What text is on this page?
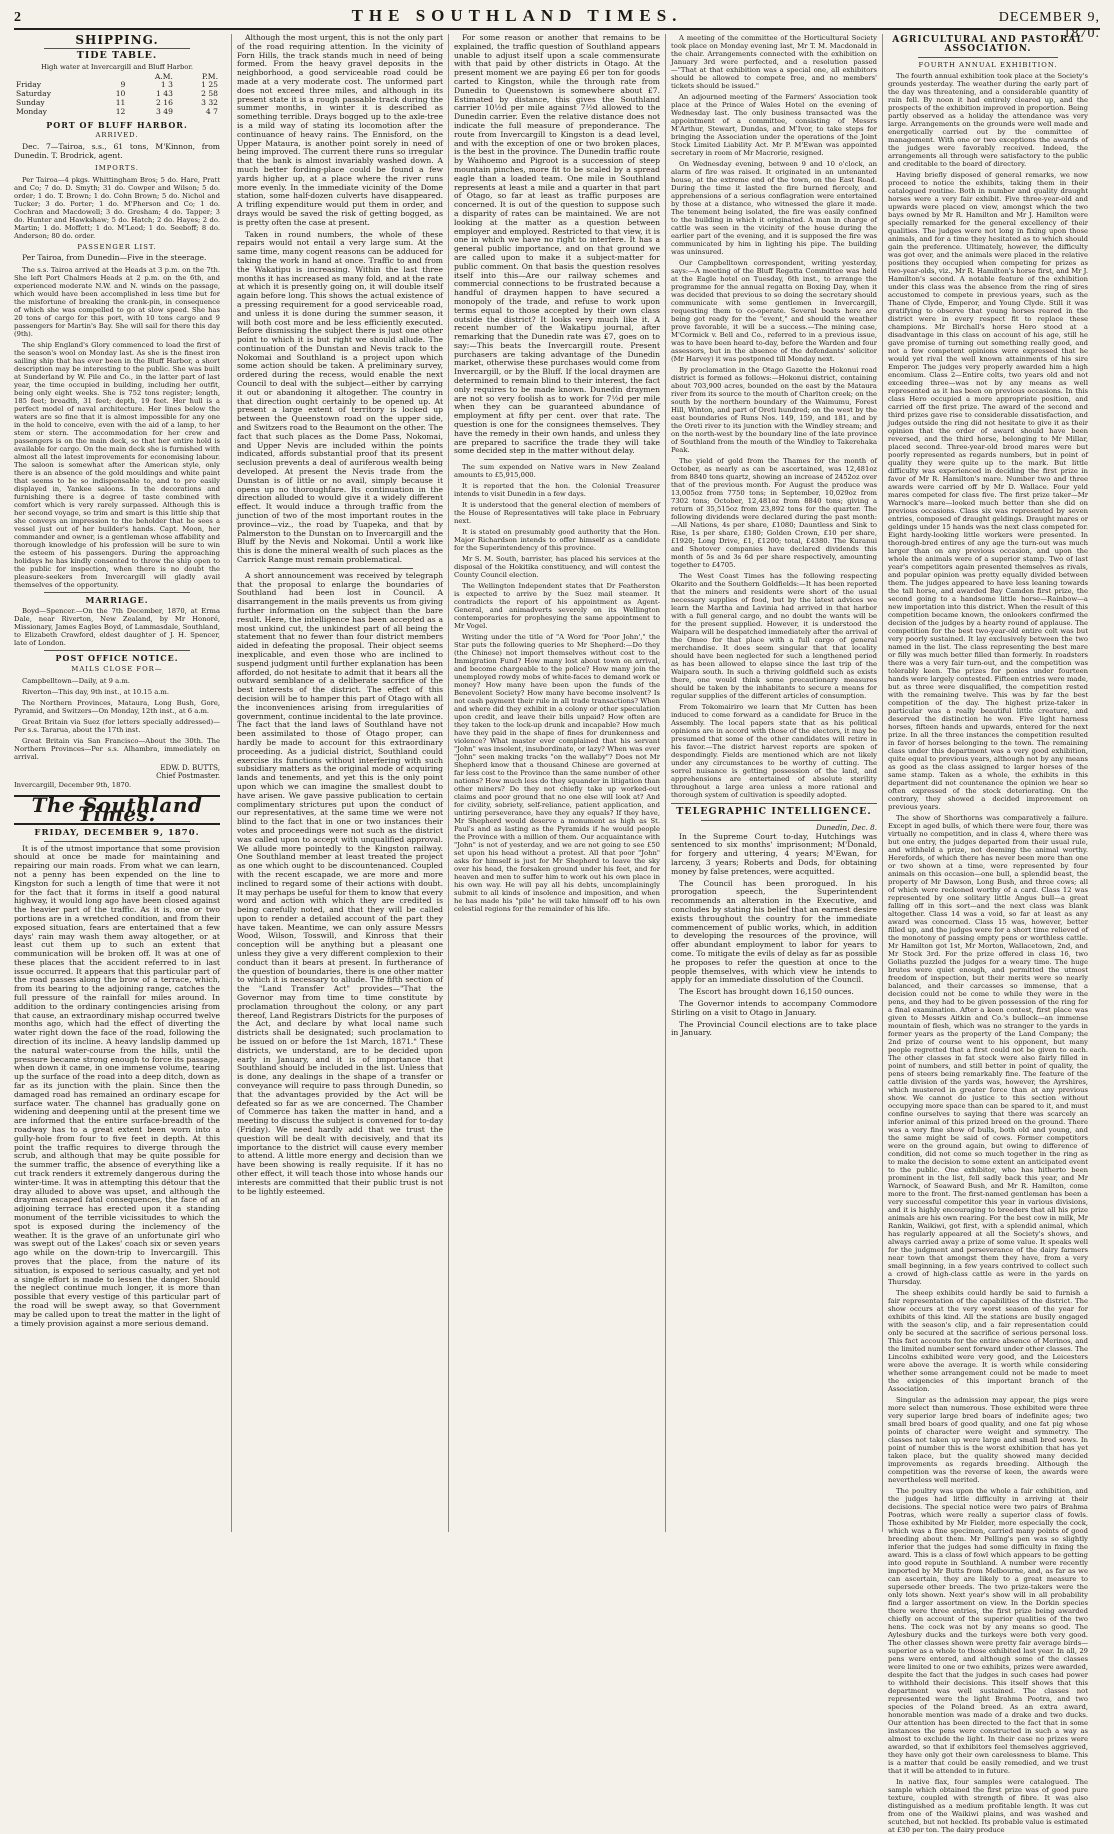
2	THE SOUTHLAND TIMES.	DECEMBER 9, 1870.
SHIPPING.
TIDE TABLE.
High water at Invercargill and Bluff Harbor.
		A.M.	P.M.
Friday	9	1 3	1 25
Saturday	10	1 43	2 58
Sunday	11	2 16	3 32
Monday	12	3 49	4 7
PORT OF BLUFF HARBOR.
ARRIVED.

Dec. 7—Tairoa, s.s., 61 tons, M'Kinnon, from Dunedin. T. Brodrick, agent.

IMPORTS.

Per Tairoa—4 pkgs. Whittingham Bros; 5 do. Hare, Pratt and Co; 7 do. D. Smyth; 31 do. Cowper and Wilson; 5 do. order; 1 do. T. Brown; 1 do. Cohn Brown; 5 do. Nichol and Tucker; 3 do. Porter; 1 do. M'Pherson and Co; 1 do. Cochran and Macdowell; 3 do. Gresham; 4 do. Tapper; 3 do. Hunter and Hawkshaw; 5 do. Hatch; 2 do. Hayes; 2 do. Martin; 1 do. Moffett; 1 do. M'Leod; 1 do. Seeboff; 8 do. Anderson; 80 do. order.

PASSENGER LIST.

Per Tairoa, from Dunedin—Five in the steerage.

The s.s. Tairoa arrived at the Heads at 3 p.m. on the 7th. She left Port Chalmers Heads at 2 p.m. on the 6th, and experienced moderate N.W. and N. winds on the passage, which would have been accomplished in less time but for the misfortune of breaking the crank-pin, in consequence of which she was compelled to go at slow speed. She has 20 tons of cargo for this port, with 10 tons cargo and 9 passengers for Martin's Bay. She will sail for there this day (9th).

The ship England's Glory commenced to load the first of the season's wool on Monday last. As she is the finest iron sailing ship that has ever been in the Bluff Harbor, a short description may be interesting to the public. She was built at Sunderland by W. Pile and Co., in the latter part of last year, the time occupied in building, including her outfit, being only eight weeks. She is 752 tons register; length, 185 feet; breadth, 31 feet; depth, 19 feet. Her hull is a perfect model of naval architecture. Her lines below the waters are so fine that it is almost impossible for any one in the hold to conceive, even with the aid of a lamp, to her stem or stern. The accommodation for her crew and passengers is on the main deck, so that her entire hold is available for cargo. On the main deck she is furnished with almost all the latest improvements for economising labour. The saloon is somewhat after the American style, only there is an absence of the gold mouldings and white paint that seems to be so indispensable to, and to pro easily displayed in, Yankee saloons. In the decorations and furnishing there is a degree of taste combined with comfort which is very rarely surpassed. Although this is her second voyage, so trim and smart is this little ship that she conveys an impression to the beholder that he sees a vessel just out of her builder's hands. Capt. Moon, her commander and owner, is a gentleman whose affability and thorough knowledge of his profession will be sure to win the esteem of his passengers. During the approaching holidays he has kindly consented to throw the ship open to the public for inspection, when there is no doubt the pleasure-seekers from Invercargill will gladly avail themselves of the opportunity.

MARRIAGE.

Boyd—Spencer.—On the 7th December, 1870, at Erma Dale, near Riverton, New Zealand, by Mr Honoré, Missionary, James Eagles Boyd, of Lammasdale, Southland, to Elizabeth Crawford, eldest daughter of J. H. Spencer, late of London.

POST OFFICE NOTICE.
MAILS CLOSE FOR—

Campbelltown—Daily, at 9 a.m.

Riverton—This day, 9th inst., at 10.15 a.m.

The Northern Provinces, Mataura, Long Bush, Gore, Pyramid, and Switzers—On Monday, 12th inst., at 6 a.m.

Great Britain via Suez (for letters specially addressed)—Per s.s. Tararua, about the 17th inst.

Great Britain via San Francisco—About the 30th. The Northern Provinces—Per s.s. Alhambra, immediately on arrival.

EDW. D. BUTTS,
Chief Postmaster.
Invercargill, December 9th, 1870.
The Southland Times.
FRIDAY, DECEMBER 9, 1870.

It is of the utmost importance that some provision should at once be made for maintaining and repairing our main roads. From what we can learn, not a penny has been expended on the line to Kingston for such a length of time that were it not for the fact that it forms in itself a good natural highway, it would long ago have been closed against the heavier part of the traffic. As it is, one or two portions are in a wretched condition, and from their exposed situation, fears are entertained that a few days' rain may wash them away altogether, or at least cut them up to such an extent that communication will be broken off. It was at one of these places that the accident referred to in last issue occurred. It appears that this particular part of the road passes along the brow of a terrace, which, from its bearing to the adjoining range, catches the full pressure of the rainfall for miles around. In addition to the ordinary contingencies arising from that cause, an extraordinary mishap occurred twelve months ago, which had the effect of diverting the water right down the face of the road, following the direction of its incline. A heavy landslip dammed up the natural water-course from the hills, until the pressure became strong enough to force its passage, when down it came, in one immense volume, tearing up the surface of the road into a deep ditch, down as far as its junction with the plain. Since then the damaged road has remained an ordinary escape for surface water. The channel has gradually gone on widening and deepening until at the present time we are informed that the entire surface-breadth of the roadway has to a great extent been worn into a gully-hole from four to five feet in depth. At this point the traffic requires to diverge through the scrub, and although that may be quite possible for the summer traffic, the absence of everything like a cut track renders it extremely dangerous during the winter-time. It was in attempting this détour that the dray alluded to above was upset, and although the drayman escaped fatal consequences, the face of an adjoining terrace has erected upon it a standing monument of the terrible vicissitudes to which the spot is exposed during the inclemency of the weather. It is the grave of an unfortunate girl who was swept out of the Lakes' coach six or seven years ago while on the down-trip to Invercargill. This proves that the place, from the nature of its situation, is exposed to serious casualty, and yet not a single effort is made to lessen the danger. Should the neglect continue much longer, it is more than possible that every vestige of this particular part of the road will be swept away, so that Government may be called upon to treat the matter in the light of a timely provision against a more serious demand.

Although the most urgent, this is not the only part of the road requiring attention. In the vicinity of Forn Hills, the track stands much in need of being formed. From the heavy gravel deposits in the neighborhood, a good serviceable road could be made at a very moderate cost. The unformed part does not exceed three miles, and although in its present state it is a rough passable track during the summer months, in winter it is described as something terrible. Drays bogged up to the axle-tree is a mild way of stating its locomotion after the continuance of heavy rains. The Ennisford, on the Upper Mataura, is another point sorely in need of being improved. The current there runs so irregular that the bank is almost invariably washed down. A much better fording-place could be found a few yards higher up, at a place where the river runs more evenly. In the immediate vicinity of the Dome station, some half-dozen culverts have disappeared. A trifling expenditure would put them in order, and drays would be saved the risk of getting bogged, as is pretty often the case at present.

Taken in round numbers, the whole of these repairs would not entail a very large sum. At the same time, many cogent reasons can be adduced for taking the work in hand at once. Traffic to and from the Wakatipu is increasing. Within the last three months it has increased as many fold, and at the rate at which it is presently going on, it will double itself again before long. This shows the actual existence of a pressing requirement for a good serviceable road, and unless it is done during the summer season, it will both cost more and be less efficiently executed. Before dismissing the subject there is just one other point to which it is but right we should allude. The continuation of the Dunstan and Nevis track to the Nokomai and Southland is a project upon which some action should be taken. A preliminary survey, ordered during the recess, would enable the next Council to deal with the subject—either by carrying it out or abandoning it altogether. The country in that direction ought certainly to be opened up. At present a large extent of territory is locked up between the Queenstown road on the upper side, and Switzers road to the Beaumont on the other. The fact that such places as the Dome Pass, Nokomai, and Upper Nevis are included within the points indicated, affords substantial proof that its present seclusion prevents a deal of auriferous wealth being developed. At present the Nevis trade from the Dunstan is of little or no avail, simply because it opens up no thoroughfare. Its continuation in the direction alluded to would give it a widely different effect. It would induce a through traffic from the junction of two of the most important routes in the province—viz., the road by Tuapeka, and that by Palmerston to the Dunstan on to Invercargill and the Bluff by the Nevis and Nokomai. Until a work like this is done the mineral wealth of such places as the Carrick Range must remain problematical.

A short announcement was received by telegraph that the proposal to enlarge the boundaries of Southland had been lost in Council. A disarrangement in the mails prevents us from giving further information on the subject than the bare result. Here, the intelligence has been accepted as a most unkind cut, the unkindest part of all being the statement that no fewer than four district members aided in defeating the proposal. Their object seems inexplicable, and even those who are inclined to suspend judgment until further explanation has been afforded, do not hesitate to admit that it bears all the outward semblance of a deliberate sacrifice of the best interests of the district. The effect of this decision will be to hamper this part of Otago with all the inconveniences arising from irregularities of government, continue incidental to the late province. The fact that the land laws of Southland have not been assimilated to those of Otago proper, can hardly be made to account for this extraordinary proceeding. As a judicial district, Southland could exercise its functions without interfering with such subsidiary matters as the original mode of acquiring lands and tenements, and yet this is the only point upon which we can imagine the smallest doubt to have arisen. We gave passive publication to certain complimentary strictures put upon the conduct of our representatives, at the same time we were not blind to the fact that in one or two instances their votes and proceedings were not such as the district was called upon to accept with unqualified approval. We allude more pointedly to the Kingston railway. One Southland member at least treated the project as one which ought to be discountenanced. Coupled with the recent escapade, we are more and more inclined to regard some of their actions with doubt. It may perhaps be useful for them to know that every word and action with which they are credited is being carefully noted, and that they will be called upon to render a detailed account of the part they have taken. Meantime, we can only assure Messrs Wood, Wilson, Tosswill, and Kinross that their conception will be anything but a pleasant one unless they give a very different complexion to their conduct than it bears at present. In furtherance of the question of boundaries, there is one other matter to which it is necessary to allude. The fifth section of the "Land Transfer Act" provides—"That the Governor may from time to time constitute by proclamation throughout the colony, or any part thereof, Land Registrars Districts for the purposes of the Act, and declare by what local name such districts shall be designated; such proclamation to be issued on or before the 1st March, 1871." These districts, we understand, are to be decided upon early in January, and it is of importance that Southland should be included in the list. Unless that is done, any dealings in the shape of a transfer or conveyance will require to pass through Dunedin, so that the advantages provided by the Act will be defeated so far as we are concerned. The Chamber of Commerce has taken the matter in hand, and a meeting to discuss the subject is convened for to-day (Friday). We need hardly add that we trust the question will be dealt with decisively, and that its importance to the district will cause every member to attend. A little more energy and decision than we have been showing is really requisite. If it has no other effect, it will teach those into whose hands our interests are committed that their public trust is not to be lightly esteemed.

For some reason or another that remains to be explained, the traffic question of Southland appears unable to adjust itself upon a scale commensurate with that paid by other districts in Otago. At the present moment we are paying £6 per ton for goods carted to Kingston, while the through rate from Dunedin to Queenstown is somewhere about £7. Estimated by distance, this gives the Southland carrier 10½d per mile against 7½d allowed to the Dunedin carrier. Even the relative distance does not indicate the full measure of preponderance. The route from Invercargill to Kingston is a dead level, and with the exception of one or two broken places, is the best in the province. The Dunedin traffic route by Waihoemo and Pigroot is a succession of steep mountain pinches, more fit to be scaled by a spread eagle than a loaded team. One mile in Southland represents at least a mile and a quarter in that part of Otago, so far at least as traffic purposes are concerned. It is out of the question to suppose such a disparity of rates can be maintained. We are not looking at the matter as a question between employer and employed. Restricted to that view, it is one in which we have no right to interfere. It has a general public importance, and on that ground we are called upon to make it a subject-matter for public comment. On that basis the question resolves itself into this—Are our railway schemes and commercial connections to be frustrated because a handful of draymen happen to have secured a monopoly of the trade, and refuse to work upon terms equal to those accepted by their own class outside the district? It looks very much like it. A recent number of the Wakatipu journal, after remarking that the Dunedin rate was £7, goes on to say:—This beats the Invercargill route. Present purchasers are taking advantage of the Dunedin market, otherwise these purchases would come from Invercargill, or by the Bluff. If the local draymen are determined to remain blind to their interest, the fact only requires to be made known. Dunedin draymen are not so very foolish as to work for 7½d per mile when they can be guaranteed abundance of employment at fifty per cent. over that rate. The question is one for the consignees themselves. They have the remedy in their own hands, and unless they are prepared to sacrifice the trade they will take some decided step in the matter without delay.

The sum expended on Native wars in New Zealand amounts to £5,915,000.

It is reported that the hon. the Colonial Treasurer intends to visit Dunedin in a few days.

It is understood that the general election of members of the House of Representatives will take place in February next.

It is stated on presumably good authority that the Hon. Major Richardson intends to offer himself as a candidate for the Superintendency of this province.

Mr S. M. South, barrister, has placed his services at the disposal of the Hokitika constituency, and will contest the County Council election.

The Wellington Independent states that Dr Featherston is expected to arrive by the Suez mail steamer. It contradicts the report of his appointment as Agent-General, and animadverts severely on its Wellington contemporaries for prophesying the same appointment to Mr Vogel.

Writing under the title of "A Word for 'Poor John'," the Star puts the following queries to Mr Shepherd:—Do they (the Chinese) not import themselves without cost to the Immigration Fund? How many lost about town on arrival, and become chargeable to the police? How many join the unemployed rowdy mobs of white-faces to demand work or money? How many have been upon the funds of the Benevolent Society? How many have become insolvent? Is not cash payment their rule in all trade transactions? When and where did they exhibit in a colony or other speculation upon credit, and leave their bills unpaid? How often are they taken to the lock-up drunk and incapable? How much have they paid in the shape of fines for drunkenness and violence? What master ever complained that his servant "John" was insolent, insubordinate, or lazy? When was ever "John" seen making tracks "on the wallaby"? Does not Mr Shepherd know that a thousand Chinese are governed at far less cost to the Province than the same number of other nations? How much less do they squander in litigation than other miners? Do they not chiefly take up worked-out claims and poor ground that no one else will look at? And for civility, sobriety, self-reliance, patient application, and untiring perseverance, have they any equals? If they have, Mr Shepherd would deserve a monument as high as St. Paul's and as lasting as the Pyramids if he would people the Province with a million of them. Our acquaintance with "John" is not of yesterday, and we are not going to see £50 set upon his head without a protest. All that poor "John" asks for himself is just for Mr Shepherd to leave the sky over his head, the forsaken ground under his feet, and for heaven and men to suffer him to work out his own place in his own way. He will pay all his debts, uncomplainingly submit to all kinds of insolence and imposition, and when he has made his "pile" he will take himself off to his own celestial regions for the remainder of his life.

A meeting of the committee of the Horticultural Society took place on Monday evening last, Mr T. M. Macdonald in the chair. Arrangements connected with the exhibition on January 3rd were perfected, and a resolution passed—"That at that exhibition was a special one, all exhibitors should be allowed to compete free, and no members' tickets should be issued."

An adjourned meeting of the Farmers' Association took place at the Prince of Wales Hotel on the evening of Wednesday last. The only business transacted was the appointment of a committee, consisting of Messrs M'Arthur, Stewart, Dundas, and M'Ivor, to take steps for bringing the Association under the operations of the Joint Stock Limited Liability Act. Mr P. M'Ewan was appointed secretary in room of Mr Macrorie, resigned.

On Wednesday evening, between 9 and 10 o'clock, an alarm of fire was raised. It originated in an untenanted house, at the extreme end of the town, on the East Road. During the time it lasted the fire burned fiercely, and apprehensions of a serious conflagration were entertained by those at a distance, who witnessed the glare it made. The tenement being isolated, the fire was easily confined to the building in which it originated. A man in charge of cattle was seen in the vicinity of the house during the earlier part of the evening, and it is supposed the fire was communicated by him in lighting his pipe. The building was uninsured.

Our Campbelltown correspondent, writing yesterday, says:—A meeting of the Bluff Regatta Committee was held at the Eagle hotel on Tuesday, 6th inst., to arrange the programme for the annual regatta on Boxing Day, when it was decided that previous to so doing the secretary should communicate with some gentlemen in Invercargill, requesting them to co-operate. Several boats here are being got ready for the "event," and should the weather prove favorable, it will be a success.—The mining case, M'Cormick v. Bell and Co., referred to in a previous issue, was to have been heard to-day, before the Warden and four assessors, but in the absence of the defendants' solicitor (Mr Harvey) it was postponed till Monday next.

By proclamation in the Otago Gazette the Hokonui road district is formed as follows:—Hokonui district, containing about 703,900 acres, bounded on the east by the Mataura river from its source to the mouth of Charlton creek; on the south by the northern boundary of the Waimumu, Forest Hill, Winton, and part of Oreti hundred; on the west by the east boundaries of Runs Nos. 149, 159, and 181, and by the Oreti river to its junction with the Windley stream; and on the north-west by the boundary line of the late province of Southland from the mouth of the Windley to Takerehaka Peak.

The yield of gold from the Thames for the month of October, as nearly as can be ascertained, was 12,481oz from 8840 tons quartz, showing an increase of 2452oz over that of the previous month. For August the produce was 13,005oz from 7750 tons; in September, 10,029oz from 7302 tons; October, 12,481oz from 8840 tons; giving a return of 35,515oz from 23,892 tons for the quarter. The following dividends were declared during the past month:—All Nations, 4s per share, £1080; Dauntless and Sink to Rise, 1s per share, £180; Golden Crown, £10 per share, £1920; Long Drive, £1, £1200; total, £4380. The Kuranui and Shotover companies have declared dividends this month of 5s and 3s 6d per share respectively, amounting together to £4705.

The West Coast Times has the following respecting Okarito and the Southern Goldfields:—It has been reported that the miners and residents were short of the usual necessary supplies of food, but by the latest advices we learn the Martha and Lavinia had arrived in that harbor with a full general cargo, and no doubt the wants will be for the present supplied. However, it is understood the Waipara will be despatched immediately after the arrival of the Omeo for that place with a full cargo of general merchandise. It does seem singular that that locality should have been neglected for such a lengthened period as has been allowed to elapse since the last trip of the Waipara south. In such a thriving goldfield such as exists there, one would think some precautionary measures should be taken by the inhabitants to secure a means for regular supplies of the different articles of consumption.

From Tokomairiro we learn that Mr Cutten has been induced to come forward as a candidate for Bruce in the Assembly. The local papers state that as his political opinions are in accord with those of the electors, it may be presumed that some of the other candidates will retire in his favor.—The district harvest reports are spoken of despondingly. Fields are mentioned which are not likely under any circumstances to be worthy of cutting. The sorrel nuisance is getting possession of the land, and apprehensions are entertained of absolute sterility throughout a large area unless a more rational and thorough system of cultivation is speedily adopted.

TELEGRAPHIC INTELLIGENCE.
Dunedin, Dec. 8.

In the Supreme Court to-day, Hutchings was sentenced to six months' imprisonment; M'Donald, for forgery and uttering, 4 years; M'Ewan, for larceny, 3 years; Roberts and Dods, for obtaining money by false pretences, were acquitted.

The Council has been prorogued. In his prorogation speech, the Superintendent recommends an alteration in the Executive, and concludes by stating his belief that an earnest desire exists throughout the country for the immediate commencement of public works, which, in addition to developing the resources of the province, will offer abundant employment to labor for years to come. To mitigate the evils of delay as far as possible he proposes to refer the question at once to the people themselves, with which view he intends to apply for an immediate dissolution of the Council.

The Escort has brought down 16,150 ounces.

The Governor intends to accompany Commodore Stirling on a visit to Otago in January.

The Provincial Council elections are to take place in January.

AGRICULTURAL AND PASTORAL ASSOCIATION.
FOURTH ANNUAL EXHIBITION.

The fourth annual exhibition took place at the Society's grounds yesterday. The weather during the early part of the day was threatening, and a considerable quantity of rain fell. By noon it had entirely cleared up, and the prospects of the exhibition improved in proportion. Being partly observed as a holiday the attendance was very large. Arrangements on the grounds were well made and energetically carried out by the committee of management. With one or two exceptions the awards of the judges were favorably received. Indeed, the arrangements all through were satisfactory to the public and creditable to the board of directory.

Having briefly disposed of general remarks, we now proceed to notice the exhibits, taking them in their catalogued routine. Both in number and quality draught horses were a very fair exhibit. Five three-year-old and upwards were placed on view, amongst which the two bays owned by Mr R. Hamilton and Mr J. Hamilton were specially remarked for the general excellency of their qualities. The judges were not long in fixing upon those animals, and for a time they hesitated as to which should gain the preference. Ultimately, however, the difficulty was got over, and the animals were placed in the relative positions they occupied when competing for prizes as two-year-olds, viz., Mr R. Hamilton's horse first, and Mr J. Hamilton's second. A notable feature of the exhibition under this class was the absence from the ring of sires accustomed to compete in previous years, such as the Thane of Clyde, Emperor, and Young Clyde. Still it was gratifying to observe that young horses reared in the district were in every respect fit to replace these champions. Mr Birchall's horse Hero stood at a disadvantage in this class on account of his age, still he gave promise of turning out something really good, and not a few competent opinions were expressed that he would yet rival the well known attainments of his sire Emperor. The judges very properly awarded him a high encomium. Class 2—Entire colts, two years old and not exceeding three—was not by any means as well represented as it has been on previous occasions. In this class Hero occupied a more appropriate position, and carried off the first prize. The award of the second and third prizes gave rise to considerable dissatisfaction, and judges outside the ring did not hesitate to give it as their opinion that the order of award should have been reversed, and the third horse, belonging to Mr Millar, placed second. Three-year-old brood mares were but poorly represented as regards numbers, but in point of quality they were quite up to the mark. But little difficulty was experienced in deciding the first prize in favor of Mr R. Hamilton's mare. Number two and three awards were carried off by Mr D. Wallace. Four yeld mares competed for class five. The first prize taker—Mr Warnock's mare—looked much better than she did on previous occasions. Class six was represented by seven entries, composed of draught geldings. Draught mares or geldings under 15 hands was the next class competed for. Eight hardy-looking little workers were presented. In thorough-bred entires of any age the turn-out was much larger than on any previous occasion, and upon the whole the animals were of a superior stamp. Two of last year's competitors again presented themselves as rivals, and popular opinion was pretty equally divided between them. The judges appeared to have less leaning towards the tall horse, and awarded Bay Camden first prize, the second going to a handsome little horse—Rainbow—a new importation into this district. When the result of this competition became known, the onlookers confirmed the decision of the judges by a hearty round of applause. The competition for the best two-year-old entire colt was but very poorly sustained. It lay exclusively between the two named in the list. The class representing the best mare or filly was much better filled than formerly. In roadsters there was a very fair turn-out, and the competition was tolerably keen. The prizes for ponies under fourteen hands were largely contested. Fifteen entries were made, but as three were disqualified, the competition rested with the remaining twelve. This was by far the best competition of the day. The highest prize-taker in particular was a really beautiful little creature, and deserved the distinction he won. Five light harness horses, fifteen hands and upwards, entered for the next prize. In all the three instances the competition resulted in favor of horses belonging to the town. The remaining class under this department was a very good exhibition, quite equal to previous years, although not by any means as good as the class assigned to larger horses of the same stamp. Taken as a whole, the exhibits in this department did not countenance the opinion we hear so often expressed of the stock deteriorating. On the contrary, they showed a decided improvement on previous years.

The show of Shorthorns was comparatively a failure. Except in aged bulls, of which there were four, there was virtually no competition, and in class 4, where there was but one entry, the judges departed from their usual rule, and withheld a prize, not deeming the animal worthy. Herefords, of which there has never been more than one or two shown at a time, were represented by four animals on this occasion—one bull, a splendid beast, the property of Mr Dawson, Long Bush, and three cows; all of which were reckoned worthy of a card. Class 12 was represented by one solitary little Angus bull—a great falling off in this sort—and the next class was blank altogether. Class 14 was a void, so far at least as any award was concerned. Class 15 was, however, better filled up, and the judges were for a short time relieved of the monotony of passing empty pens or worthless cattle. Mr Hamilton got 1st, Mr Morton, Wallacetown, 2nd, and Mr Stock 3rd. For the prize offered in class 16, two Goliaths puzzled the judges for a weary time. The huge brutes were quiet enough, and permitted the utmost freedom of inspection, but their merits were so nearly balanced, and their carcasses so immense, that a decision could not be come to while they were in the pens, and they had to be given possession of the ring for a final examination. After a keen contest, first place was given to Messrs Aitkin and Co.'s bullock—an immense mountain of flesh, which was no stranger to the yards in former years as the property of the Land Company; the 2nd prize of course went to his opponent, but many people regretted that a first could not be given to each. The other classes in fat stock were also fairly filled in point of numbers, and still better in point of quality, the pens of steers being remarkably fine. The feature of the cattle division of the yards was, however, the Ayrshires, which mustered in greater force than at any previous show. We cannot do justice to this section without occupying more space than can be spared to it, and must confine ourselves to saying that there was scarcely an inferior animal of this prized breed on the ground. There was a very fine show of bulls, both old and young, and the same might be said of cows. Former competitors were on the ground again, but owing to difference of condition, did not come so much together in the ring as to make the decision to some extent an anticipated event to the public. One exhibitor, who has hitherto been prominent in the list, fell sadly back this year, and Mr Warnock, of Seaward Bush, and Mr R. Hamilton, come more to the front. The first-named gentleman has been a very successful competitor this year in various divisions, and it is highly encouraging to breeders that all his prize animals are his own rearing. For the best cow in milk, Mr Rankin, Waikiwi, got first, with a splendid animal, which has regularly appeared at all the Society's shows, and always carried away a prize of some value. It speaks well for the judgment and perseverance of the dairy farmers near town that amongst them they have, from a very small beginning, in a few years contrived to collect such a crowd of high-class cattle as were in the yards on Thursday.

The sheep exhibits could hardly be said to furnish a fair representation of the capabilities of the district. The show occurs at the very worst season of the year for exhibits of this kind. All the stations are busily engaged with the season's clip, and a fair representation could only be secured at the sacrifice of serious personal loss. This fact accounts for the entire absence of Merinos, and the limited number sent forward under other classes. The Lincolns exhibited were very good, and the Leicesters were above the average. It is worth while considering whether some arrangement could not be made to meet the exigencies of this important branch of the Association.

Singular as the admission may appear, the pigs were more select than numerous. Those exhibited were three very superior large bred boars of indefinite ages; two small bred boars of good quality, and one fat pig whose points of character were weight and symmetry. The classes not taken up were large and small bred sows. In point of number this is the worst exhibition that has yet taken place, but the quality showed many decided improvements as regards breeding. Although the competition was the reverse of keen, the awards were nevertheless well merited.

The poultry was upon the whole a fair exhibition, and the judges had little difficulty in arriving at their decisions. The special notice were two pairs of Brahma Pootras, which were really a superior class of fowls. Those exhibited by Mr Fielder, more especially the cock, which was a fine specimen, carried many points of good breeding about them. Mr Pelling's pen was so slightly inferior that the judges had some difficulty in fixing the award. This is a class of fowl which appears to be getting into good repute in Southland. A number were recently imported by Mr Butts from Melbourne, and, as far as we can ascertain, they are likely to a great measure to supersede other breeds. The two prize-takers were the only lots shown. Next year's show will in all probability find a larger assortment on view. In the Dorkin species there were three entries, the first prize being awarded chiefly on account of the superior qualities of the two hens. The cock was not by any means so good. The Aylesbury ducks and the turkeys were both very good. The other classes shown were pretty fair average birds—superior as a whole to those exhibited last year. In all, 29 pens were entered, and although some of the classes were limited to one or two exhibits, prizes were awarded, despite the fact that the judges in such cases had power to withhold their decisions. This itself shows that this department was well sustained. The classes not represented were the light Brahma Pootra, and two species of the Poland breed. As an extra award, honorable mention was made of a drake and two ducks. Our attention has been directed to the fact that in some instances the pens were constructed in such a way as almost to exclude the light. In their case no prizes were awarded, so that if exhibitors feel themselves aggrieved, they have only got their own carelessness to blame. This is a matter that could be easily remedied, and we trust that it will be attended to in future.

In native flax, four samples were catalogued. The sample which obtained the first prize was of good pure texture, coupled with strength of fibre. It was also distinguished as a medium profitable length. It was cut from one of the Waikiwi plains, and was washed and scutched, but not heckled. Its probable value is estimated at £30 per ton. The dairy produce
